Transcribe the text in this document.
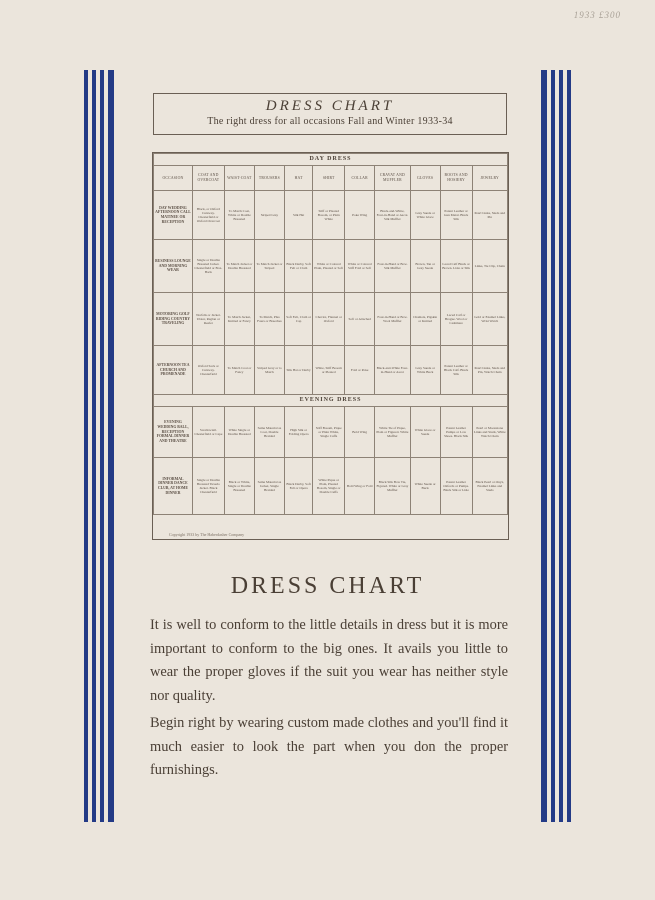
1933 £300
DRESS CHART
The right dress for all occasions Fall and Winter 1933-34
DAY DRESS										
OCCASION	COAT AND OVERCOAT	WAIST-COAT	TROUSERS	HAT	SHIRT	COLLAR	CRAVAT AND MUFFLER	GLOVES	BOOTS AND HOSIERY	JEWELRY
DAY WEDDING AFTERNOON CALL MATINEE OR RECEPTION	Black, or Oxford Cutaway. Chesterfield or Oxford Overcoat	To Match Coat, White or Double Breasted	Striped Gray	Silk Hat	Stiff or Pleated Bosom, or Plain White	Poke Wing	Black-and-White, Four-in-Hand or Ascot. Silk Muffler	Gray Suede or White Glace	Patent Leather or Gun Metal. Black Silk	Pearl Links, Studs and Pin
BUSINESS LOUNGE AND MORNING WEAR	Single or Double Breasted Jacket. Chesterfield or Box-Back	To Match Jacket or Double Breasted	To Match Jacket or Striped	Black Derby, Soft Felt or Cloth	White or Colored Plain, Pleated or Soft	White or Colored Stiff Fold or Soft	Four-in-Hand or Bow. Silk Muffler	Brown, Tan or Gray Suede	Laced Calf Black or Brown. Lisle or Silk	Links, Tie Clip, Chain
MOTORING GOLF RIDING COUNTRY TRAVELING	Norfolk or Jacket. Ulster, Raglan or Reefer	To Match Jacket, Knitted or Fancy	To Match, Plus Fours or Breeches	Soft Felt, Cloth or Cap	Cheviot, Flannel or Oxford	Soft or Attached	Four-in-Hand or Bow. Wool Muffler	Chamois, Pigskin or Knitted	Laced Calf or Brogue. Wool or Cashmere	Gold or Enamel Links, Wrist Watch
AFTERNOON TEA CHURCH AND PROMENADE	Oxford Sack or Cutaway. Chesterfield	To Match Coat or Fancy	Striped Gray or to Match	Silk Hat or Derby	White, Stiff Bosom or Pleated	Fold or Poke	Black-and-White Four-in-Hand or Ascot	Gray Suede or White Buck	Patent Leather or Black Calf. Black Silk	Pearl Links, Studs and Pin, Watch Chain
EVENING DRESS										
EVENING WEDDING BALL, RECEPTION FORMAL DINNER AND THEATRE	Swallowtail. Chesterfield or Cape	White Single or Double Breasted	Same Material as Coat, Double Braided	High Silk or Folding Opera	Stiff Bosom, Pique or Plain White, Single Cuffs	Bold Wing	White Tie of Pique, Plain or Figured. White Muffler	White Glace or Suede	Patent Leather Pumps or Low Shoes. Black Silk	Pearl or Moonstone Links and Studs, White Watch Chain
INFORMAL DINNER DANCE CLUB, AT HOME DINNER	Single or Double Breasted Tuxedo Jacket. Black Chesterfield	Black or White, Single or Double Breasted	Same Material as Jacket, Single Braided	Black Derby, Soft Felt or Opera	White Pique or Plain, Pleated Bosom, Single or Double Cuffs	Bold Wing or Fold	Black Silk Bow Tie, Figured. White or Gray Muffler	White Suede or Buck	Patent Leather Oxfords or Pumps. Black Silk or Lisle	Black Pearl or Onyx, Enamel Links and Studs
Copyright 1933 by The Haberdasher Company
DRESS CHART
It is well to conform to the little details in dress but it is more important to conform to the big ones. It avails you little to wear the proper gloves if the suit you wear has neither style nor quality.
Begin right by wearing custom made clothes and you'll find it much easier to look the part when you don the proper furnishings.
